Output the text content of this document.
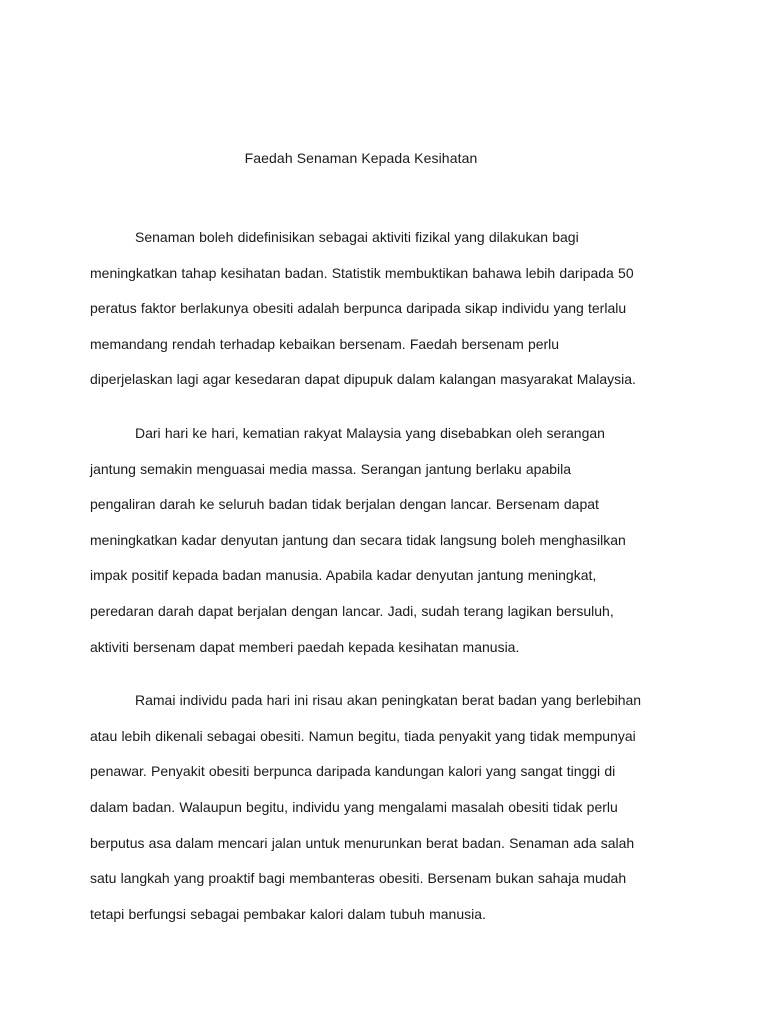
Faedah Senaman Kepada Kesihatan

Senaman boleh didefinisikan sebagai aktiviti fizikal yang dilakukan bagi
meningkatkan tahap kesihatan badan. Statistik membuktikan bahawa lebih daripada 50
peratus faktor berlakunya obesiti adalah berpunca daripada sikap individu yang terlalu
memandang rendah terhadap kebaikan bersenam. Faedah bersenam perlu
diperjelaskan lagi agar kesedaran dapat dipupuk dalam kalangan masyarakat Malaysia.

Dari hari ke hari, kematian rakyat Malaysia yang disebabkan oleh serangan
jantung semakin menguasai media massa. Serangan jantung berlaku apabila
pengaliran darah ke seluruh badan tidak berjalan dengan lancar. Bersenam dapat
meningkatkan kadar denyutan jantung dan secara tidak langsung boleh menghasilkan
impak positif kepada badan manusia. Apabila kadar denyutan jantung meningkat,
peredaran darah dapat berjalan dengan lancar. Jadi, sudah terang lagikan bersuluh,
aktiviti bersenam dapat memberi paedah kepada kesihatan manusia.

Ramai individu pada hari ini risau akan peningkatan berat badan yang berlebihan
atau lebih dikenali sebagai obesiti. Namun begitu, tiada penyakit yang tidak mempunyai
penawar. Penyakit obesiti berpunca daripada kandungan kalori yang sangat tinggi di
dalam badan. Walaupun begitu, individu yang mengalami masalah obesiti tidak perlu
berputus asa dalam mencari jalan untuk menurunkan berat badan. Senaman ada salah
satu langkah yang proaktif bagi membanteras obesiti. Bersenam bukan sahaja mudah
tetapi berfungsi sebagai pembakar kalori dalam tubuh manusia.
